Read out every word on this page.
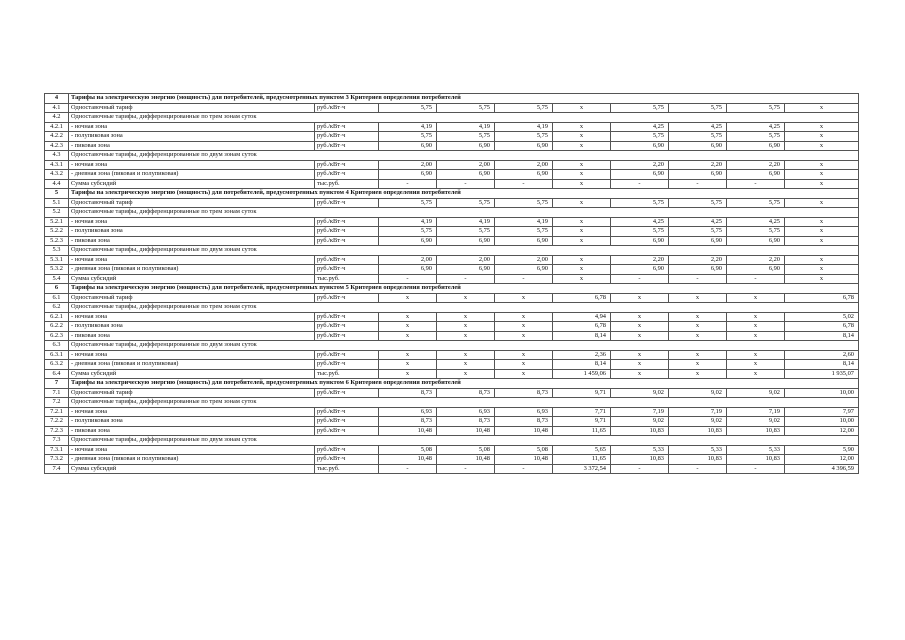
4	Тарифы на электрическую энергию (мощность) для потребителей, предусмотренных пунктом 3 Критериев определения потребителей									
4.1	Одноставочный тариф	руб./кВт·ч	5,75	5,75	5,75	х	5,75	5,75	5,75	х
4.2	Одноставочные тарифы, дифференцированные по трем зонам суток									
4.2.1	- ночная зона	руб./кВт·ч	4,19	4,19	4,19	х	4,25	4,25	4,25	х
4.2.2	- полупиковая зона	руб./кВт·ч	5,75	5,75	5,75	х	5,75	5,75	5,75	х
4.2.3	- пиковая зона	руб./кВт·ч	6,90	6,90	6,90	х	6,90	6,90	6,90	х
4.3	Одноставочные тарифы, дифференцированные по двум зонам суток									
4.3.1	- ночная зона	руб./кВт·ч	2,00	2,00	2,00	х	2,20	2,20	2,20	х
4.3.2	- дневная зона (пиковая и полупиковая)	руб./кВт·ч	6,90	6,90	6,90	х	6,90	6,90	6,90	х
4.4	Сумма субсидий	тыс.руб.	-	-	-	х	-	-	-	х
5	Тарифы на электрическую энергию (мощность) для потребителей, предусмотренных пунктом 4 Критериев определения потребителей									
5.1	Одноставочный тариф	руб./кВт·ч	5,75	5,75	5,75	х	5,75	5,75	5,75	х
5.2	Одноставочные тарифы, дифференцированные по трем зонам суток									
5.2.1	- ночная зона	руб./кВт·ч	4,19	4,19	4,19	х	4,25	4,25	4,25	х
5.2.2	- полупиковая зона	руб./кВт·ч	5,75	5,75	5,75	х	5,75	5,75	5,75	х
5.2.3	- пиковая зона	руб./кВт·ч	6,90	6,90	6,90	х	6,90	6,90	6,90	х
5.3	Одноставочные тарифы, дифференцированные по двум зонам суток									
5.3.1	- ночная зона	руб./кВт·ч	2,00	2,00	2,00	х	2,20	2,20	2,20	х
5.3.2	- дневная зона (пиковая и полупиковая)	руб./кВт·ч	6,90	6,90	6,90	х	6,90	6,90	6,90	х
5.4	Сумма субсидий	тыс.руб.	-	-	-	х	-	-	-	х
6	Тарифы на электрическую энергию (мощность) для потребителей, предусмотренных пунктом 5 Критериев определения потребителей									
6.1	Одноставочный тариф	руб./кВт·ч	х	х	х	6,78	х	х	х	6,78
6.2	Одноставочные тарифы, дифференцированные по трем зонам суток									
6.2.1	- ночная зона	руб./кВт·ч	х	х	х	4,94	х	х	х	5,02
6.2.2	- полупиковая зона	руб./кВт·ч	х	х	х	6,78	х	х	х	6,78
6.2.3	- пиковая зона	руб./кВт·ч	х	х	х	8,14	х	х	х	8,14
6.3	Одноставочные тарифы, дифференцированные по двум зонам суток									
6.3.1	- ночная зона	руб./кВт·ч	х	х	х	2,36	х	х	х	2,60
6.3.2	- дневная зона (пиковая и полупиковая)	руб./кВт·ч	х	х	х	8,14	х	х	х	8,14
6.4	Сумма субсидий	тыс.руб.	х	х	х	1 459,06	х	х	х	1 935,07
7	Тарифы на электрическую энергию (мощность) для потребителей, предусмотренных пунктом 6 Критериев определения потребителей									
7.1	Одноставочный тариф	руб./кВт·ч	8,73	8,73	8,73	9,71	9,02	9,02	9,02	10,00
7.2	Одноставочные тарифы, дифференцированные по трем зонам суток									
7.2.1	- ночная зона	руб./кВт·ч	6,93	6,93	6,93	7,71	7,19	7,19	7,19	7,97
7.2.2	- полупиковая зона	руб./кВт·ч	8,73	8,73	8,73	9,71	9,02	9,02	9,02	10,00
7.2.3	- пиковая зона	руб./кВт·ч	10,48	10,48	10,48	11,65	10,83	10,83	10,83	12,00
7.3	Одноставочные тарифы, дифференцированные по двум зонам суток									
7.3.1	- ночная зона	руб./кВт·ч	5,08	5,08	5,08	5,65	5,33	5,33	5,33	5,90
7.3.2	- дневная зона (пиковая и полупиковая)	руб./кВт·ч	10,48	10,48	10,48	11,65	10,83	10,83	10,83	12,00
7.4	Сумма субсидий	тыс.руб.	-	-	-	3 372,54	-	-	-	4 396,59
